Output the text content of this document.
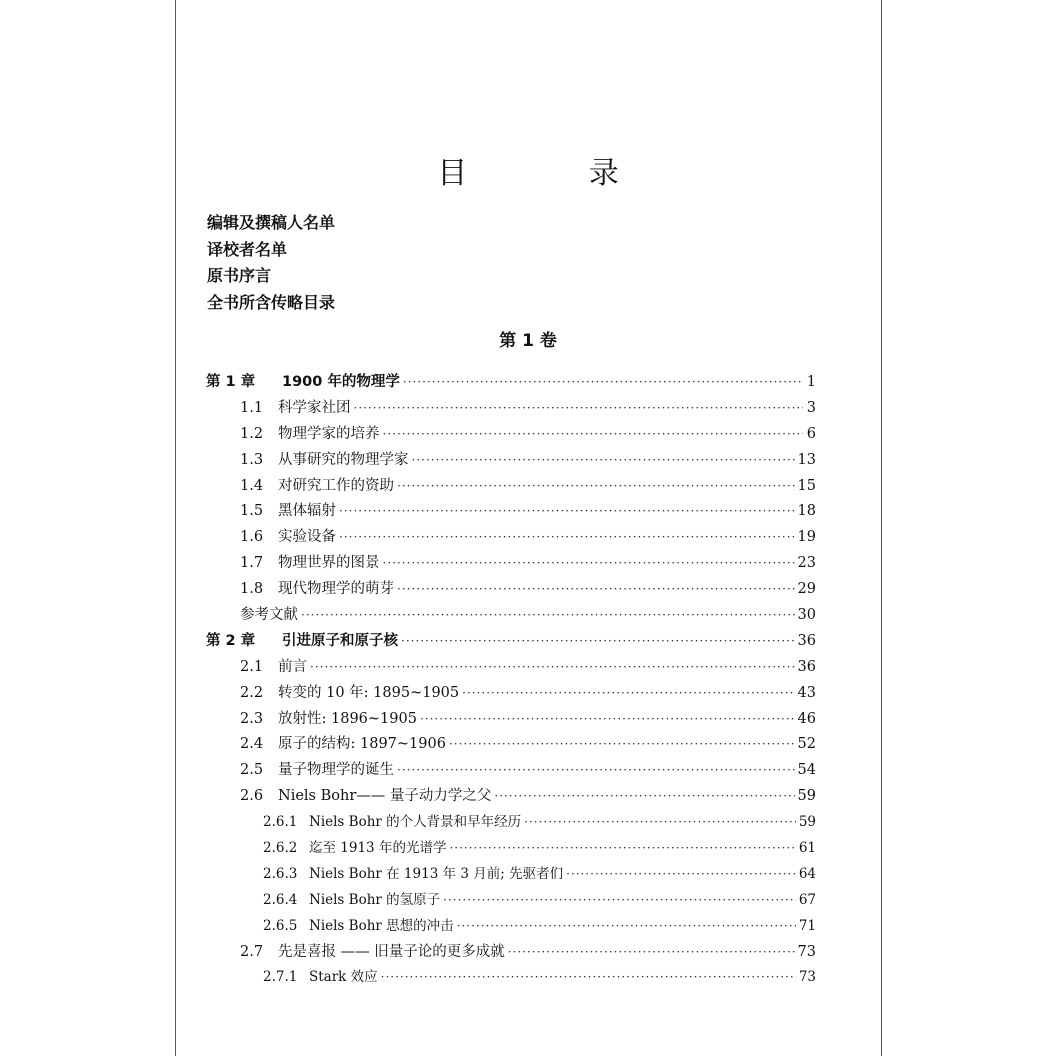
目 录
编辑及撰稿人名单
译校者名单
原书序言
全书所含传略目录
第 1 卷
第 1 章	1900 年的物理学 ·····	1
1.1	科学家社团 ·····	3
1.2	物理学家的培养 ·····	6
1.3	从事研究的物理学家 ·····	13
1.4	对研究工作的资助 ·····	15
1.5	黑体辐射 ·····	18
1.6	实验设备 ·····	19
1.7	物理世界的图景 ·····	23
1.8	现代物理学的萌芽 ·····	29
参考文献 ·····	30
第 2 章	引进原子和原子核 ·····	36
2.1	前言 ·····	36
2.2	转变的 10 年: 1895~1905 ·····	43
2.3	放射性: 1896~1905 ·····	46
2.4	原子的结构: 1897~1906 ·····	52
2.5	量子物理学的诞生 ·····	54
2.6	Niels Bohr—— 量子动力学之父 ·····	59
2.6.1 Niels Bohr 的个人背景和早年经历 ·····	59
2.6.2 迄至 1913 年的光谱学 ·····	61
2.6.3 Niels Bohr 在 1913 年 3 月前; 先驱者们 ·····	64
2.6.4 Niels Bohr 的氢原子 ·····	67
2.6.5 Niels Bohr 思想的冲击 ·····	71
2.7	先是喜报 —— 旧量子论的更多成就 ·····	73
2.7.1 Stark 效应 ·····	73
